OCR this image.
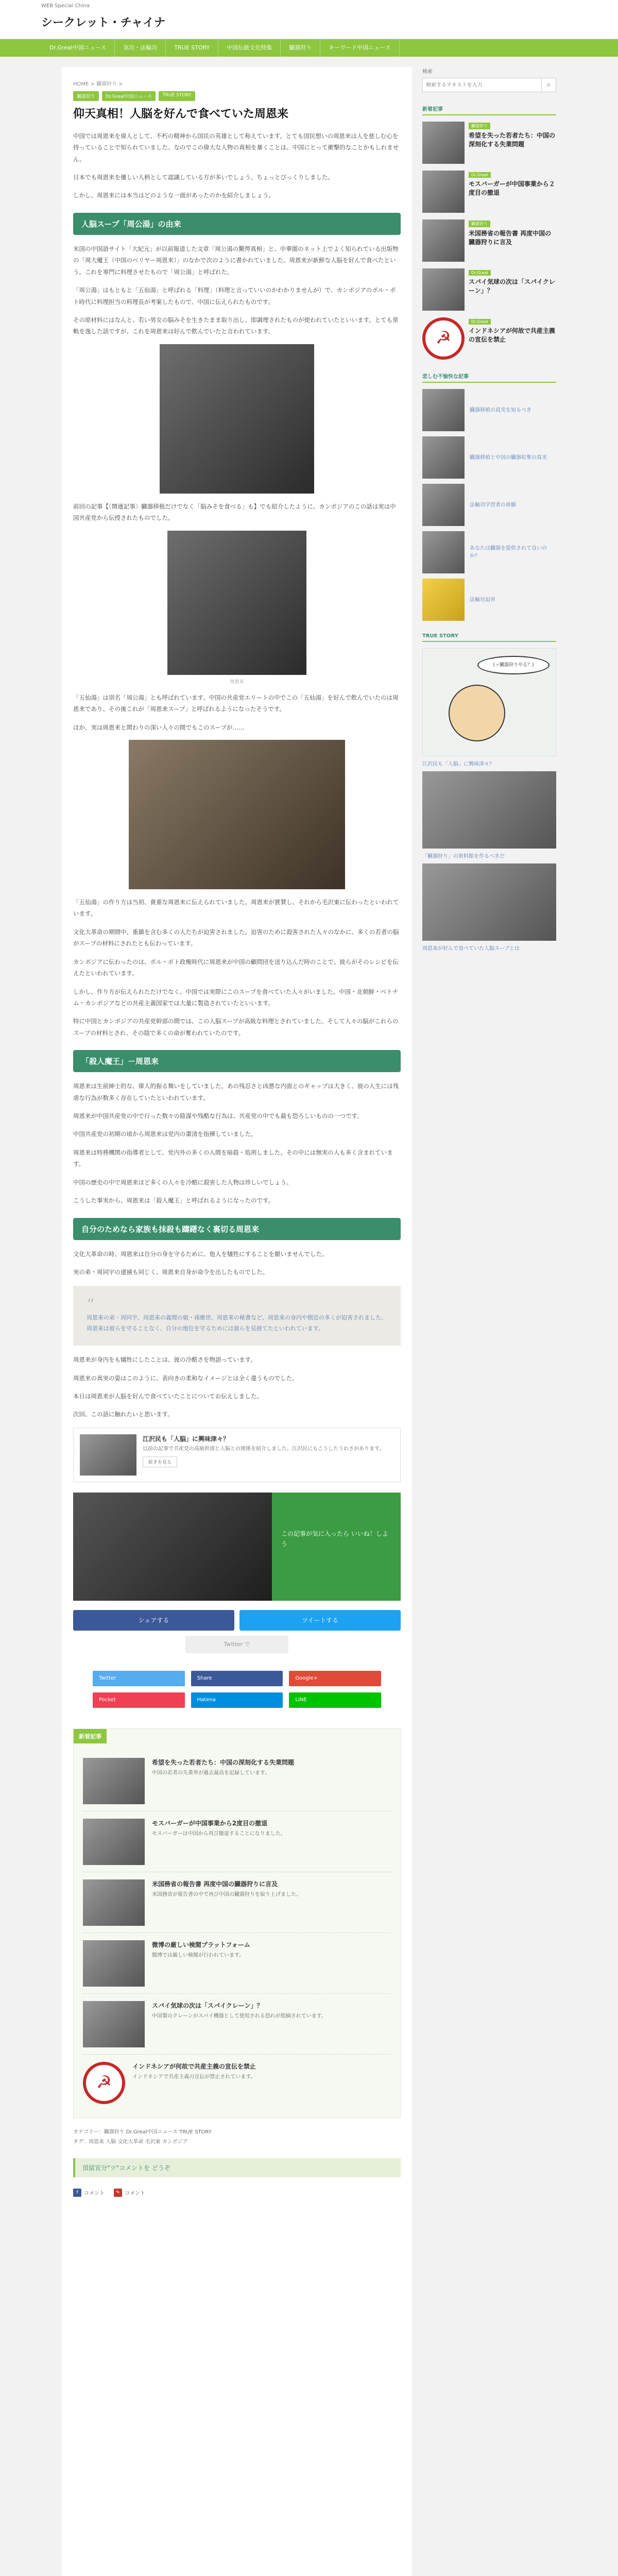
WEB Special China
シークレット・チャイナ
Dr.Greal中国ニュース	気功・法輪功	TRUE STORY	中国伝統文化特集	臓器狩り	キーワード中国ニュース
HOME > 臓器狩り >
臓器狩り	Dr.Greal中国ニュース	TRUE STORY
仰天真相！人脳を好んで食べていた周恩来

中国では周恩来を偉人として、不朽の精神から国民の英雄として称えています。とても国民想いの周恩来は人を慈しむ心を持っていることで知られていました。なのでこの偉大な人物の真相を暴くことは、中国にとって衝撃的なことかもしれません。

日本でも周恩来を優しい人柄として認識している方が多いでしょう。ちょっとびっくりしました。

しかし、周恩来には本当はどのような一面があったのかを紹介しましょう。

人脳スープ「周公湯」の由来

米国の中国語サイト「大紀元」が以前報道した文章「周公湯の驚愕真相」と、中華圏のネット上でよく知られている出版物の「周大魔王（中国のベリヤー周恩来）」のなかで次のように書かれていました。周恩来が新鮮な人脳を好んで食べたという。これを専門に料理させたもので「周公湯」と呼ばれた。

「周公湯」はもともと「五仙湯」と呼ばれる「料理」（料理と言っていいのかわかりませんが）で、カンボジアのポル・ポト時代に料理担当の料理長が考案したもので、中国に伝えられたものです。

その原材料にはなんと、若い男女の脳みそを生きたまま取り出し、即調理されたものが使われていたといいます。とても常軌を逸した話ですが、これを周恩来は好んで飲んでいたと言われています。

前回の記事【〈関連記事〉臓器移植だけでなく「脳みそを食べる」も】でも紹介したように、カンボジアのこの話は実は中国共産党から伝授されたものでした。

周恩来

「五仙湯」は別名「周公湯」とも呼ばれています。中国の共産党エリートの中でこの「五仙湯」を好んで飲んでいたのは周恩来であり、その後これが「周恩来スープ」と呼ばれるようになったそうです。

ほか、実は周恩来と関わりの深い人々の間でもこのスープが……

「五仙湯」の作り方は当初、貴重な周恩来に伝えられていました。周恩来が賞賛し、それから毛沢東に伝わったといわれています。

文化大革命の期間中、重鎮を含む多くの人たちが迫害されました。迫害のために殺害された人々のなかに、多くの若者の脳がスープの材料にされたとも伝わっています。

カンボジアに伝わったのは、ポル・ポト政権時代に周恩来が中国の顧問団を送り込んだ時のことで、彼らがそのレシピを伝えたといわれています。

しかし、作り方が伝えられただけでなく、中国では実際にこのスープを食べていた人々がいました。中国・北朝鮮・ベトナム・カンボジアなどの共産主義国家では大量に製造されていたといいます。

特に中国とカンボジアの共産党幹部の間では、この人脳スープが高級な料理とされていました。そして人々の脳がこれらのスープの材料とされ、その陰で多くの命が奪われていたのです。

「殺人魔王」－周恩来

周恩来は生前紳士的な、偉人的振る舞いをしていました。あの残忍さと凶悪な内面とのギャップは大きく、彼の人生には残虐な行為が数多く存在していたといわれています。

周恩来が中国共産党の中で行った数々の陰謀や残酷な行為は、共産党の中でも最も恐ろしいものの一つです。

中国共産党の初期の頃から周恩来は党内の粛清を指揮していました。

周恩来は特務機関の指導者として、党内外の多くの人間を暗殺・処刑しました。その中には無実の人も多く含まれています。

中国の歴史の中で周恩来ほど多くの人々を冷酷に殺害した人物は珍しいでしょう。

こうした事実から、周恩来は「殺人魔王」と呼ばれるようになったのです。

自分のためなら家族も抹殺も躊躇なく裏切る周恩来

文化大革命の時、周恩来は自分の身を守るために、他人を犠牲にすることを厭いませんでした。

実の弟・周同宇の逮捕も同じく、周恩来自身が命令を出したものでした。

“
周恩来の弟・周同宇、周恩来の義理の娘・孫維世、周恩来の秘書など、周恩来の身内や側近の多くが迫害されました。周恩来は彼らを守ることなく、自分の地位を守るためには彼らを見捨てたといわれています。

周恩来が身内をも犠牲にしたことは、彼の冷酷さを物語っています。

周恩来の真実の姿はこのように、表向きの柔和なイメージとは全く違うものでした。

本日は周恩来が人脳を好んで食べていたことについてお伝えしました。

次回、この話に触れたいと思います。

江沢民も「人脳」に興味津々？
以前の記事で共産党の高級幹部と人脳との関係を紹介しました。江沢民にもこうしたうわさがあります。
続きを見る
この記事が気に入ったら いいね！しよう
シェアする	ツイートする
Twitter で
Twitter	Share	Google+
Pocket	Hatena	LINE
新着記事
希望を失った若者たち：中国の深刻化する失業問題
中国の若者の失業率が過去最高を記録しています。
モスバーガーが中国事業から2度目の撤退
モスバーガーは中国から再び撤退することになりました。
米国務省の報告書 再度中国の臓器狩りに言及
米国務省が報告書の中で再び中国の臓器狩りを取り上げました。
微博の厳しい検閲プラットフォーム
微博では厳しい検閲が行われています。
スパイ気球の次は「スパイクレーン」？
中国製のクレーンがスパイ機器として使用される恐れが指摘されています。
☭
インドネシアが何故で共産主義の宣伝を禁止
インドネシアで共産主義の宣伝が禁止されています。
カテゴリー：臓器狩り Dr.Greal中国ニュース TRUE STORY
タグ：周恩来 人脳 文化大革命 毛沢東 カンボジア
頂留宣分"ツ"コメントを どうぞ
f	コメント	✎ コメント
検索
検索するテキストを入力
⌕
新着記事
臓器狩り
希望を失った若者たち：中国の深刻化する失業問題
Dr.Greal
モスバーガーが中国事業から２度目の撤退
臓器狩り
米国務省の報告書 再度中国の臓器狩りに言及
Dr.Greal
スパイ気球の次は「スパイクレーン」？
☭
Dr.Greal
インドネシアが何故で共産主義の宣伝を禁止
悲しむ不愉快な記事
臓器移植の真実を知るべき
臓器移植と中国の臓器収奪の真実
法輪功学習者の体験
あなたは臓器を提供されて良いのか？
法輪功迫害
TRUE STORY
(ッ臓器狩りやる？)
江沢民も「人脳」に興味津々？
「臓器狩り」の資料館を作るべきだ
周恩来が好んで食べていた人脳スープとは
